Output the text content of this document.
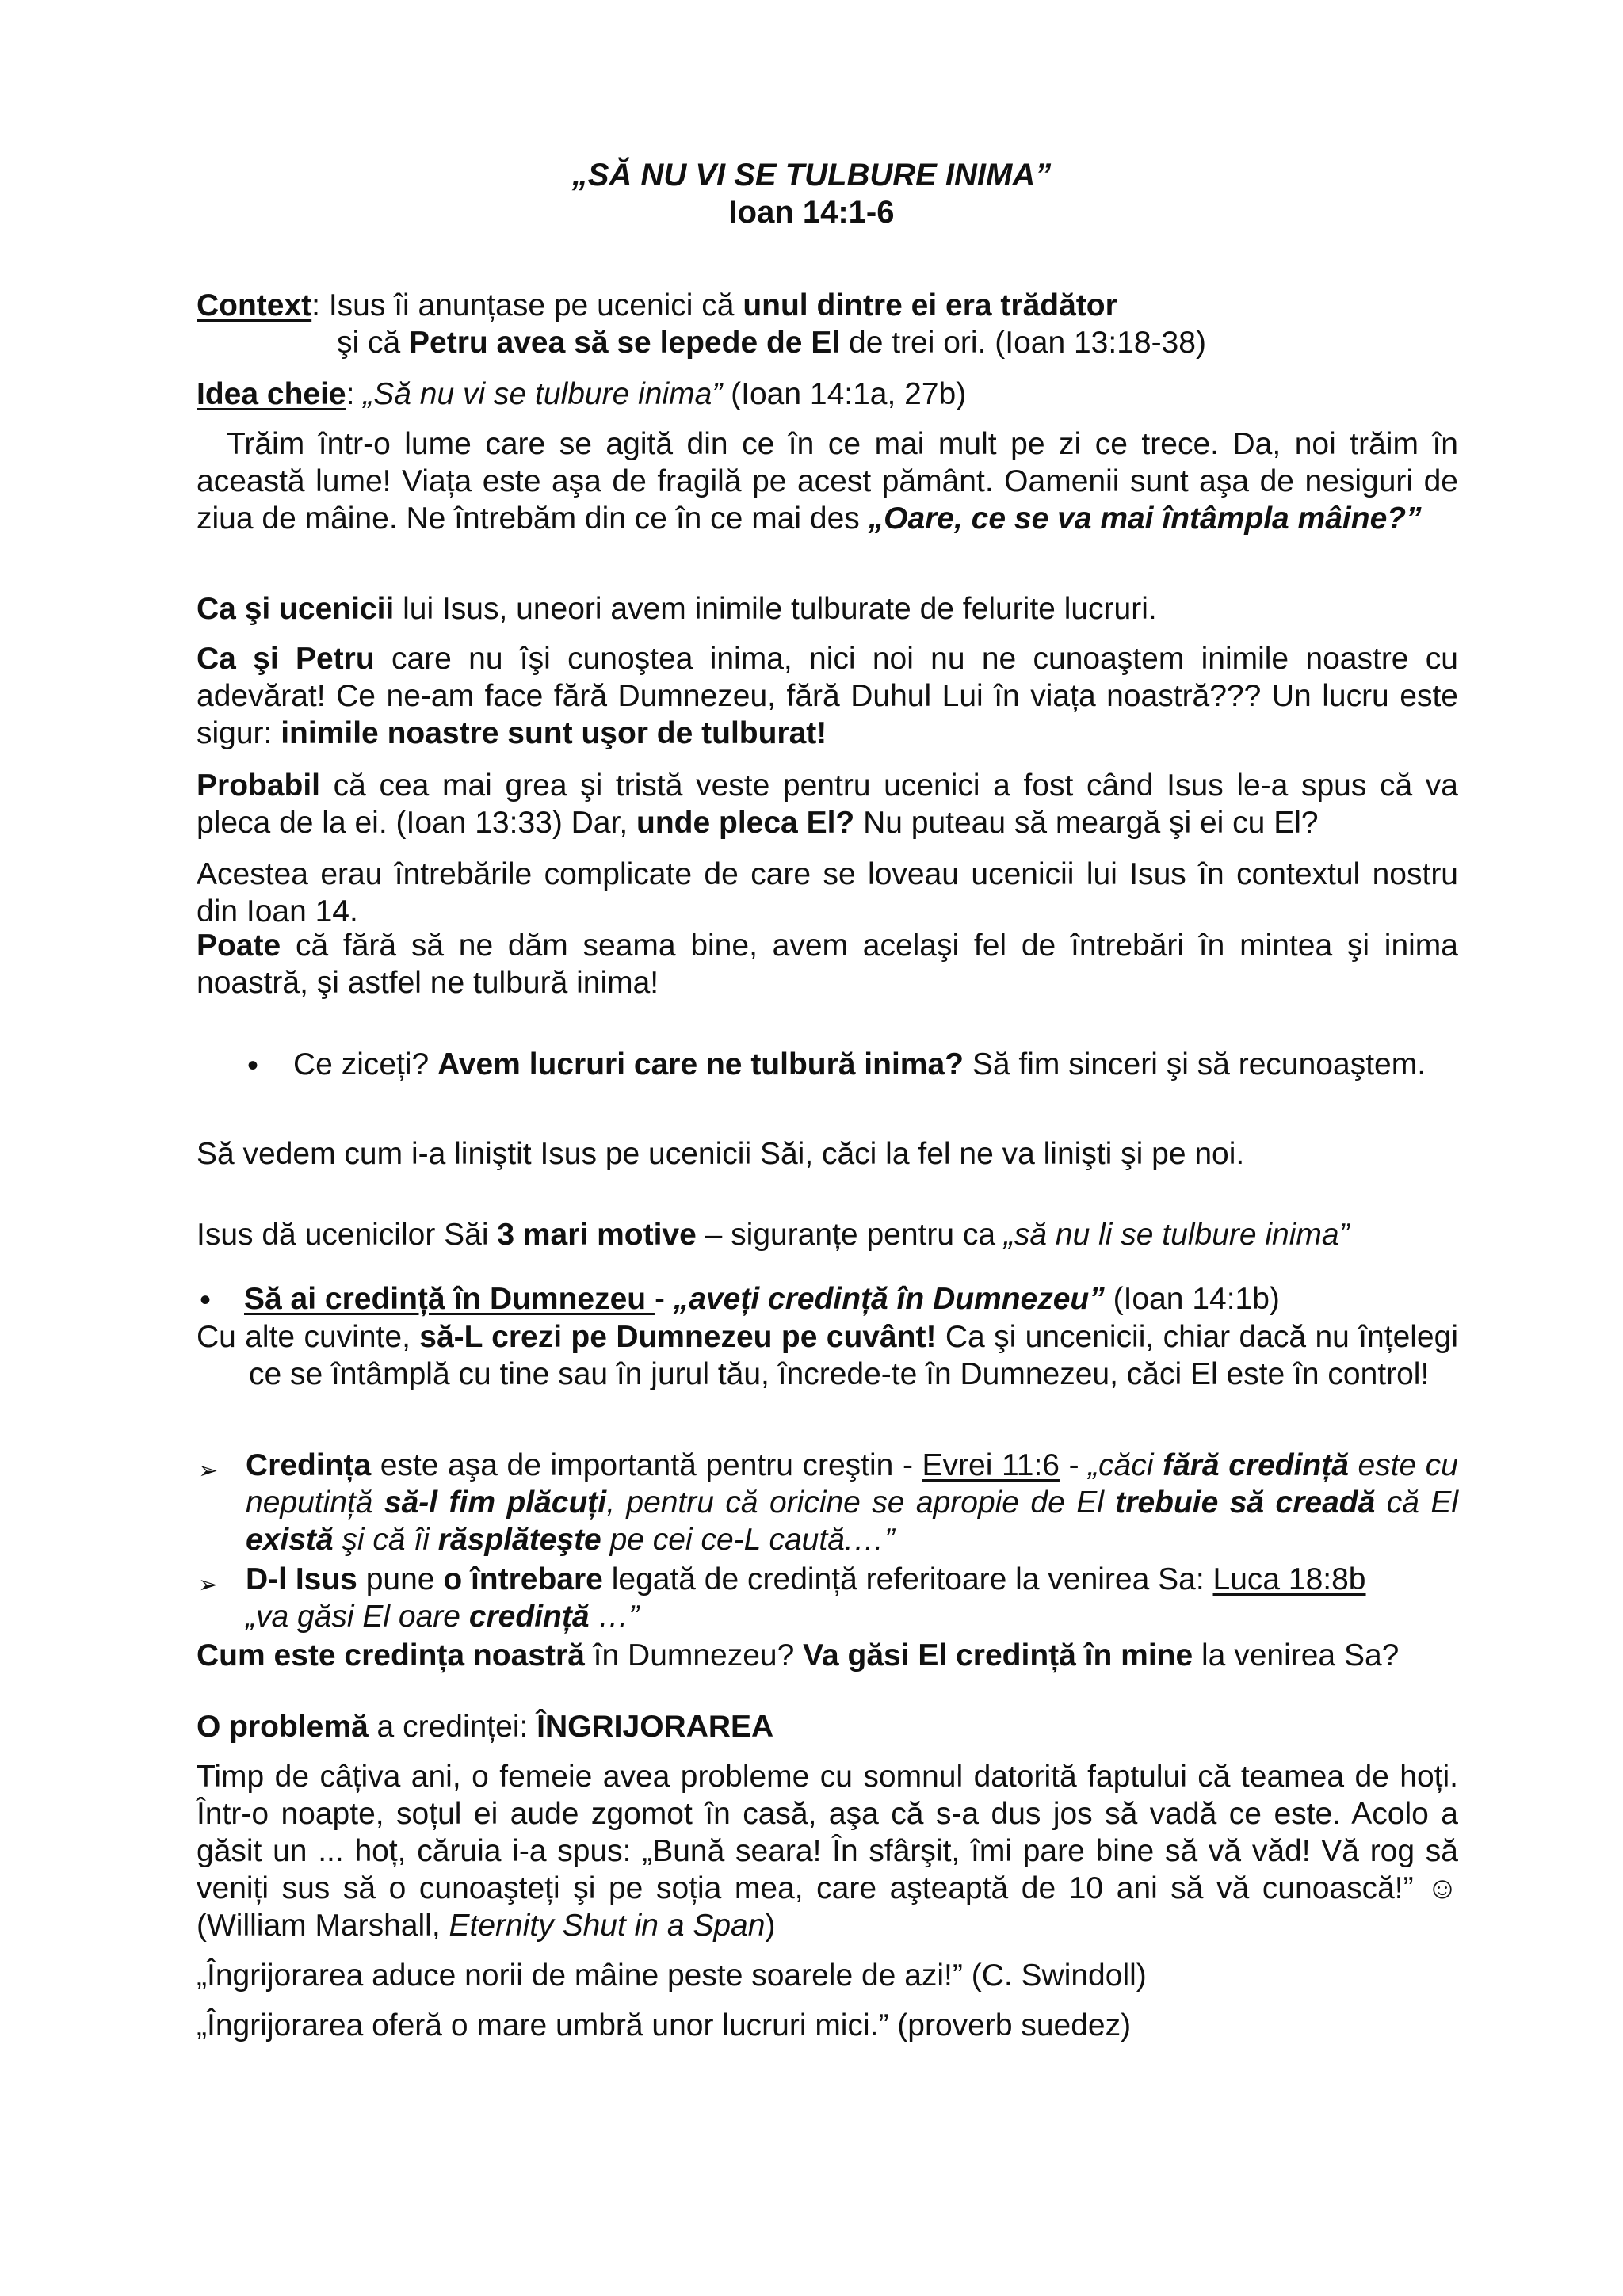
„SĂ NU VI SE TULBURE INIMA”
Ioan 14:1-6

Context: Isus îi anunțase pe ucenici că unul dintre ei era trădător
şi că Petru avea să se lepede de El de trei ori. (Ioan 13:18-38)

Idea cheie: „Să nu vi se tulbure inima” (Ioan 14:1a, 27b)

Trăim într-o lume care se agită din ce în ce mai mult pe zi ce trece. Da, noi trăim în această lume! Viața este aşa de fragilă pe acest pământ. Oamenii sunt aşa de nesiguri de ziua de mâine. Ne întrebăm din ce în ce mai des „Oare, ce se va mai întâmpla mâine?”

Ca şi ucenicii lui Isus, uneori avem inimile tulburate de felurite lucruri.

Ca şi Petru care nu îşi cunoştea inima, nici noi nu ne cunoaştem inimile noastre cu adevărat! Ce ne-am face fără Dumnezeu, fără Duhul Lui în viața noastră??? Un lucru este sigur: inimile noastre sunt uşor de tulburat!

Probabil că cea mai grea şi tristă veste pentru ucenici a fost când Isus le-a spus că va pleca de la ei. (Ioan 13:33) Dar, unde pleca El? Nu puteau să meargă şi ei cu El?

Acestea erau întrebările complicate de care se loveau ucenicii lui Isus în contextul nostru din Ioan 14.

Poate că fără să ne dăm seama bine, avem acelaşi fel de întrebări în mintea şi inima noastră, şi astfel ne tulbură inima!

• Ce ziceți? Avem lucruri care ne tulbură inima? Să fim sinceri şi să recunoaştem.

Să vedem cum i-a liniştit Isus pe ucenicii Săi, căci la fel ne va linişti şi pe noi.

Isus dă ucenicilor Săi 3 mari motive – siguranțe pentru ca „să nu li se tulbure inima”

• Să ai credință în Dumnezeu - „aveți credință în Dumnezeu” (Ioan 14:1b)

Cu alte cuvinte, să-L crezi pe Dumnezeu pe cuvânt! Ca şi uncenicii, chiar dacă nu înțelegi ce se întâmplă cu tine sau în jurul tău, încrede-te în Dumnezeu, căci El este în control!

➢ Credința este aşa de importantă pentru creştin - Evrei 11:6 - „căci fără credință este cu neputință să-l fim plăcuți, pentru că oricine se apropie de El trebuie să creadă că El există şi că îi răsplăteşte pe cei ce-L caută.…”

➢ D-l Isus pune o întrebare legată de credință referitoare la venirea Sa: Luca 18:8b
„va găsi El oare credință …”

Cum este credința noastră în Dumnezeu? Va găsi El credință în mine la venirea Sa?

O problemă a credinței: ÎNGRIJORAREA

Timp de câțiva ani, o femeie avea probleme cu somnul datorită faptului că teamea de hoți. Într-o noapte, soțul ei aude zgomot în casă, aşa că s-a dus jos să vadă ce este. Acolo a găsit un ... hoț, căruia i-a spus: „Bună seara! În sfârşit, îmi pare bine să vă văd! Vă rog să veniți sus să o cunoaşteți şi pe soția mea, care aşteaptă de 10 ani să vă cunoască!” ☺ (William Marshall, Eternity Shut in a Span)

„Îngrijorarea aduce norii de mâine peste soarele de azi!” (C. Swindoll)

„Îngrijorarea oferă o mare umbră unor lucruri mici.” (proverb suedez)
